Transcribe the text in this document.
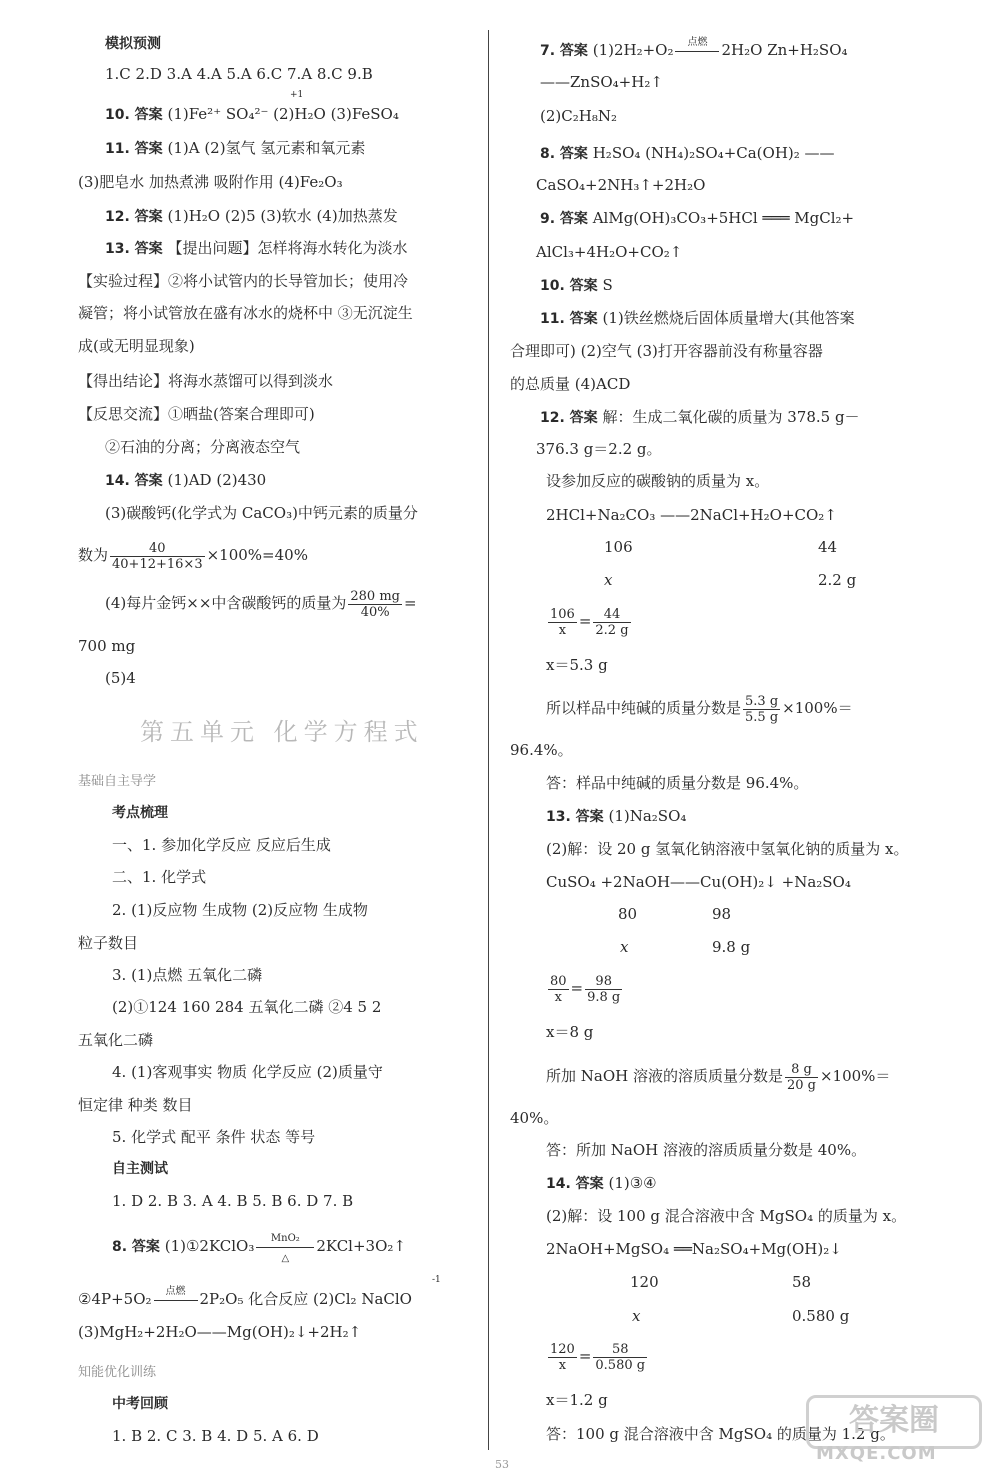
模拟预测
1.C 2.D 3.A 4.A 5.A 6.C 7.A 8.C 9.B
10. 答案 (1)Fe²⁺ SO₄²⁻ (2)H₂O (3)FeSO₄
+1
11. 答案 (1)A (2)氢气 氢元素和氧元素
(3)肥皂水 加热煮沸 吸附作用 (4)Fe₂O₃
12. 答案 (1)H₂O (2)5 (3)软水 (4)加热蒸发
13. 答案 【提出问题】怎样将海水转化为淡水
【实验过程】②将小试管内的长导管加长；使用冷
凝管；将小试管放在盛有冰水的烧杯中 ③无沉淀生
成(或无明显现象)
【得出结论】将海水蒸馏可以得到淡水
【反思交流】①晒盐(答案合理即可)
②石油的分离；分离液态空气
14. 答案 (1)AD (2)430
(3)碳酸钙(化学式为 CaCO₃)中钙元素的质量分
数为 $\frac{40}{40+12+16\times 3} \times 100\%=40\%$
(4)每片金钙××中含碳酸钙的质量为 $\frac{280 mg}{40\%}$ =
700 mg
(5)4
第五单元 化学方程式
基础自主导学
考点梳理
一、1. 参加化学反应 反应后生成
二、1. 化学式
2. (1)反应物 生成物 (2)反应物 生成物
粒子数目
3. (1)点燃 五氧化二磷
(2)①124 160 284 五氧化二磷 ②4 5 2
五氧化二磷
4. (1)客观事实 物质 化学反应 (2)质量守
恒定律 种类 数目
5. 化学式 配平 条件 状态 等号
自主测试
1. D 2. B 3. A 4. B 5. B 6. D 7. B
8. 答案 (1)①2KClO₃	MnO₂
△
2KCl+3O₂ ↑
②4P+5O₂	点燃 2P₂O₅ 化合反应 (2)Cl₂ NaClO
-1
(3)MgH₂+2H₂O——Mg(OH)₂↓+2H₂↑
知能优化训练
中考回顾
1. B 2. C 3. B 4. D 5. A 6. D
7. 答案 (1)2H₂+O₂	点燃 2H₂O Zn+H₂SO₄
——ZnSO₄+H₂↑
(2)C₂H₈N₂
8. 答案 H₂SO₄ (NH₄)₂SO₄+Ca(OH)₂ ——
CaSO₄+2NH₃↑+2H₂O
9. 答案 AlMg(OH)₃CO₃+5HCl ═══ MgCl₂+
AlCl₃+4H₂O+CO₂↑
10. 答案 S
11. 答案 (1)铁丝燃烧后固体质量增大(其他答案
合理即可) (2)空气 (3)打开容器前没有称量容器
的总质量 (4)ACD
12. 答案 解：生成二氧化碳的质量为 378.5 g－
376.3 g＝2.2 g。
设参加反应的碳酸钠的质量为 x。
2HCl+Na₂CO₃ ——2NaCl+H₂O+CO₂↑
106	44
x	2.2 g
$\frac{106}{x} = \frac{44}{2.2 g}$
x＝5.3 g
所以样品中纯碱的质量分数是 $\frac{5.3 g}{5.5 g} \times 100\%=$
96.4%。
答：样品中纯碱的质量分数是 96.4%。
13. 答案 (1)Na₂SO₄
(2)解：设 20 g 氢氧化钠溶液中氢氧化钠的质量为 x。
CuSO₄ +2NaOH——Cu(OH)₂↓ +Na₂SO₄
80	98
x	9.8 g
$\frac{80}{x} = \frac{98}{9.8 g}$
x＝8 g
所加 NaOH 溶液的溶质质量分数是 $\frac{8 g}{20 g} \times 100\%=$
40%。
答：所加 NaOH 溶液的溶质质量分数是 40%。
14. 答案 (1)③④
(2)解：设 100 g 混合溶液中含 MgSO₄ 的质量为 x。
2NaOH+MgSO₄ ══Na₂SO₄+Mg(OH)₂↓
120	58
x	0.580 g
$\frac{120}{x} = \frac{58}{0.580 g}$
x＝1.2 g
答：100 g 混合溶液中含 MgSO₄ 的质量为 1.2 g。
答案圈
MXQE.COM
53
